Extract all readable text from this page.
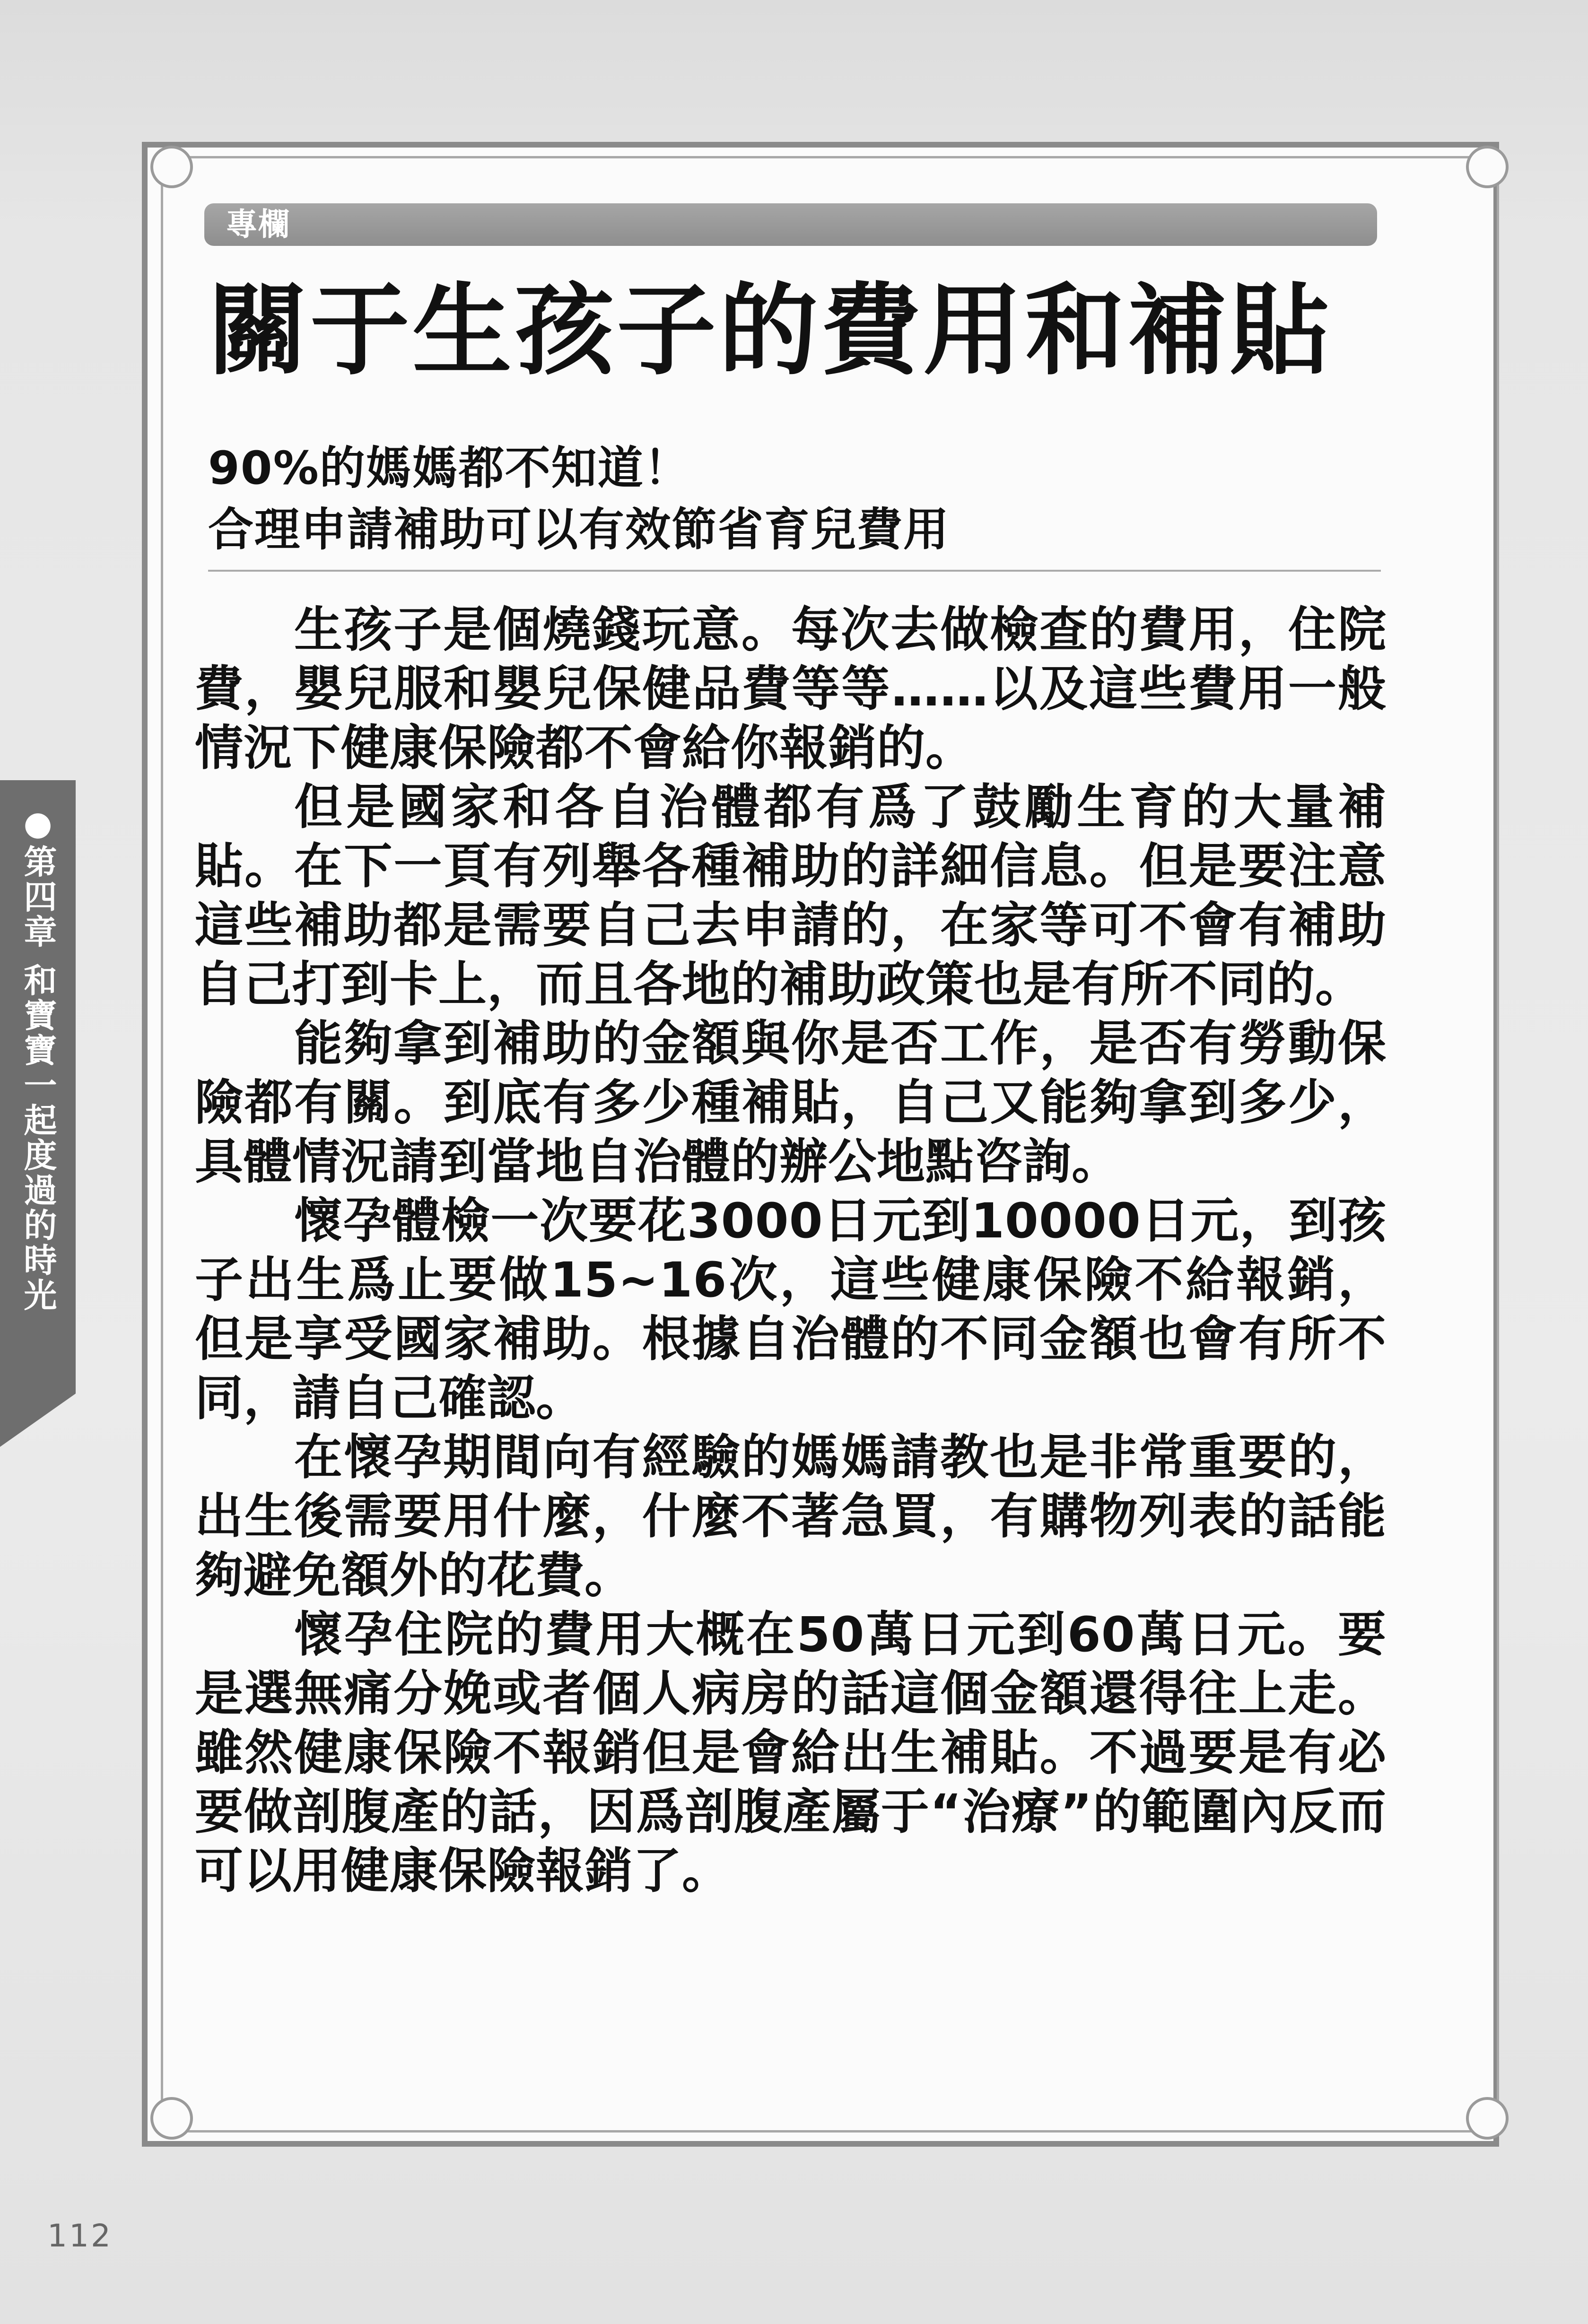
專欄
關于生孩子的費用和補貼
90%的媽媽都不知道！
合理申請補助可以有效節省育兒費用

生孩子是個燒錢玩意。每次去做檢查的費用，住院費，嬰兒服和嬰兒保健品費等等……以及這些費用一般情況下健康保險都不會給你報銷的。

但是國家和各自治體都有爲了鼓勵生育的大量補貼。在下一頁有列舉各種補助的詳細信息。但是要注意這些補助都是需要自己去申請的，在家等可不會有補助自己打到卡上，而且各地的補助政策也是有所不同的。

能夠拿到補助的金額與你是否工作，是否有勞動保險都有關。到底有多少種補貼，自己又能夠拿到多少，具體情況請到當地自治體的辦公地點咨詢。

懷孕體檢一次要花3000日元到10000日元，到孩子出生爲止要做15~16次，這些健康保險不給報銷，但是享受國家補助。根據自治體的不同金額也會有所不同，請自己確認。

在懷孕期間向有經驗的媽媽請教也是非常重要的，出生後需要用什麼，什麼不著急買，有購物列表的話能夠避免額外的花費。

懷孕住院的費用大概在50萬日元到60萬日元。要是選無痛分娩或者個人病房的話這個金額還得往上走。雖然健康保險不報銷但是會給出生補貼。不過要是有必要做剖腹產的話，因爲剖腹產屬于“治療”的範圍內反而可以用健康保險報銷了。

●第四章 和寶寶一起度過的時光
112
